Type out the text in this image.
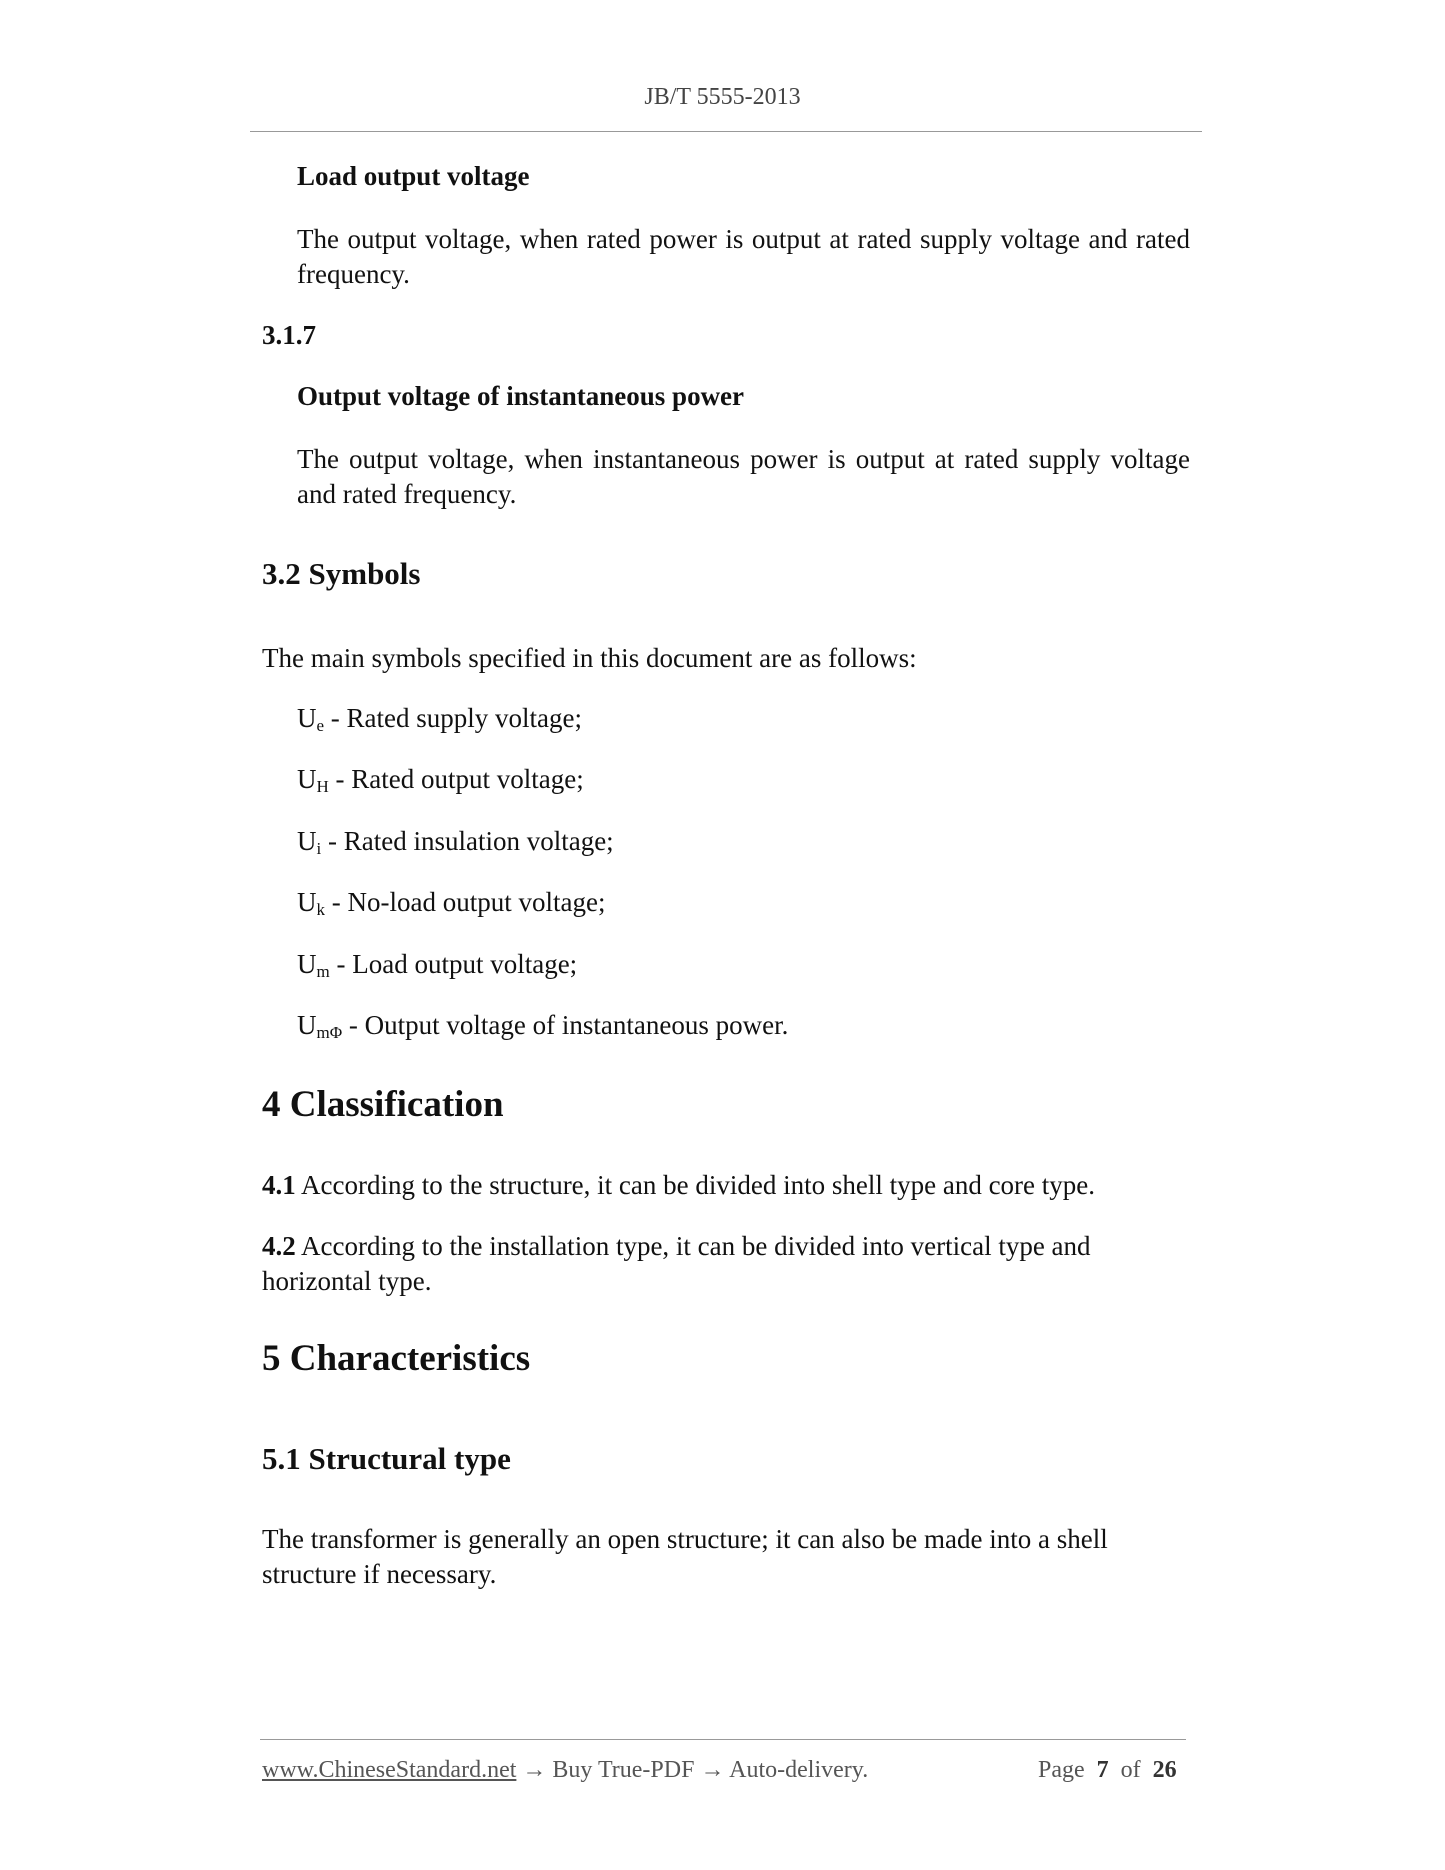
JB/T 5555-2013
Load output voltage
The output voltage, when rated power is output at rated supply voltage and rated frequency.
3.1.7
Output voltage of instantaneous power
The output voltage, when instantaneous power is output at rated supply voltage and rated frequency.
3.2 Symbols
The main symbols specified in this document are as follows:
$U_e$ - Rated supply voltage;
$U_H$ - Rated output voltage;
$U_i$ - Rated insulation voltage;
$U_k$ - No-load output voltage;
$U_m$ - Load output voltage;
$U_{m\Phi}$ - Output voltage of instantaneous power.
4 Classification
4.1 According to the structure, it can be divided into shell type and core type.
4.2 According to the installation type, it can be divided into vertical type and horizontal type.
5 Characteristics
5.1 Structural type
The transformer is generally an open structure; it can also be made into a shell structure if necessary.
www.ChineseStandard.net → Buy True-PDF → Auto-delivery.	Page 7 of 26
